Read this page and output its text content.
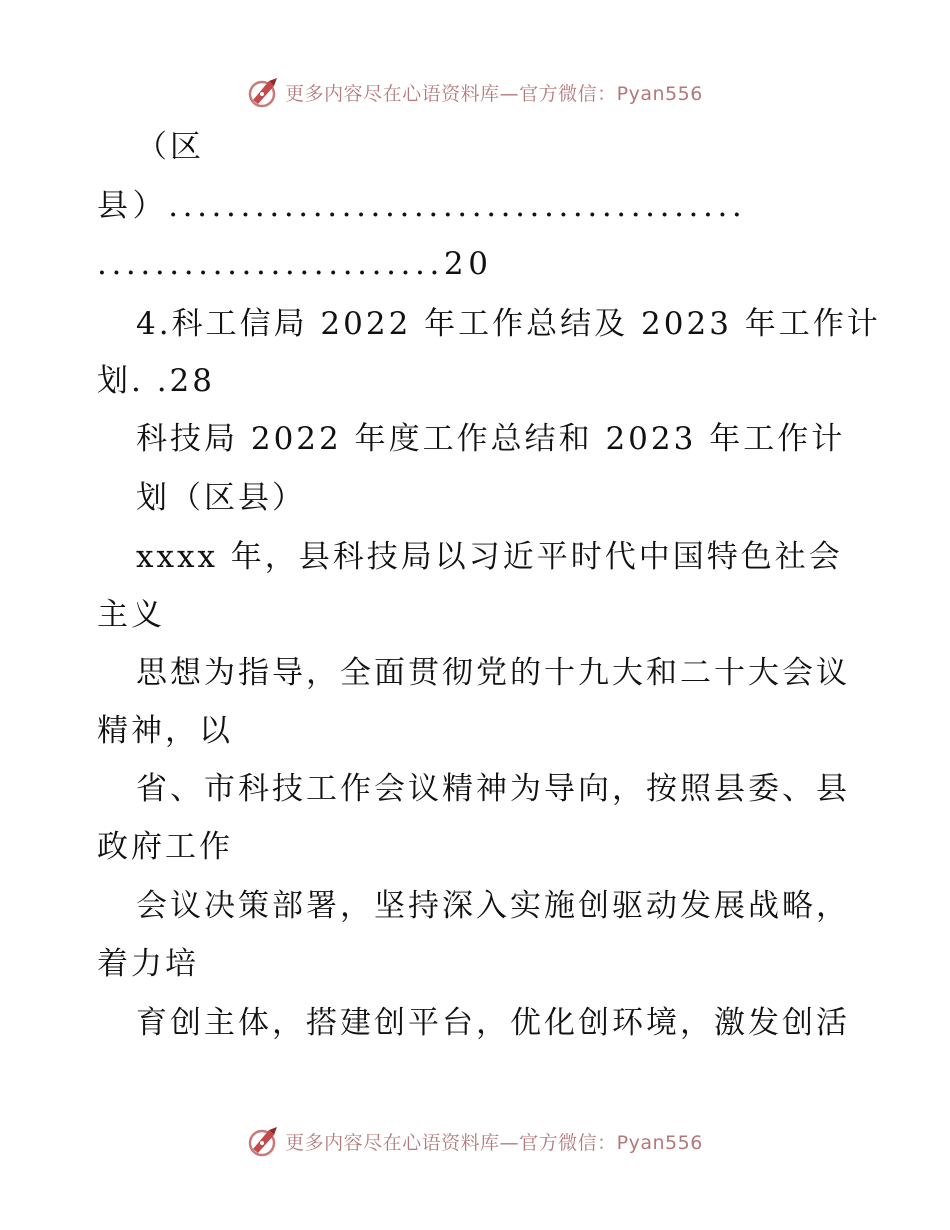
更多内容尽在心语资料库—官方微信：Pyan556
（区
县）........................................
........................20
4.科工信局 2022 年工作总结及 2023 年工作计
划. .28
科技局 2022 年度工作总结和 2023 年工作计
划（区县）
xxxx 年，县科技局以习近平时代中国特色社会
主义
思想为指导，全面贯彻党的十九大和二十大会议
精神，以
省、市科技工作会议精神为导向，按照县委、县
政府工作
会议决策部署，坚持深入实施创驱动发展战略，
着力培
育创主体，搭建创平台，优化创环境，激发创活
更多内容尽在心语资料库—官方微信：Pyan556
